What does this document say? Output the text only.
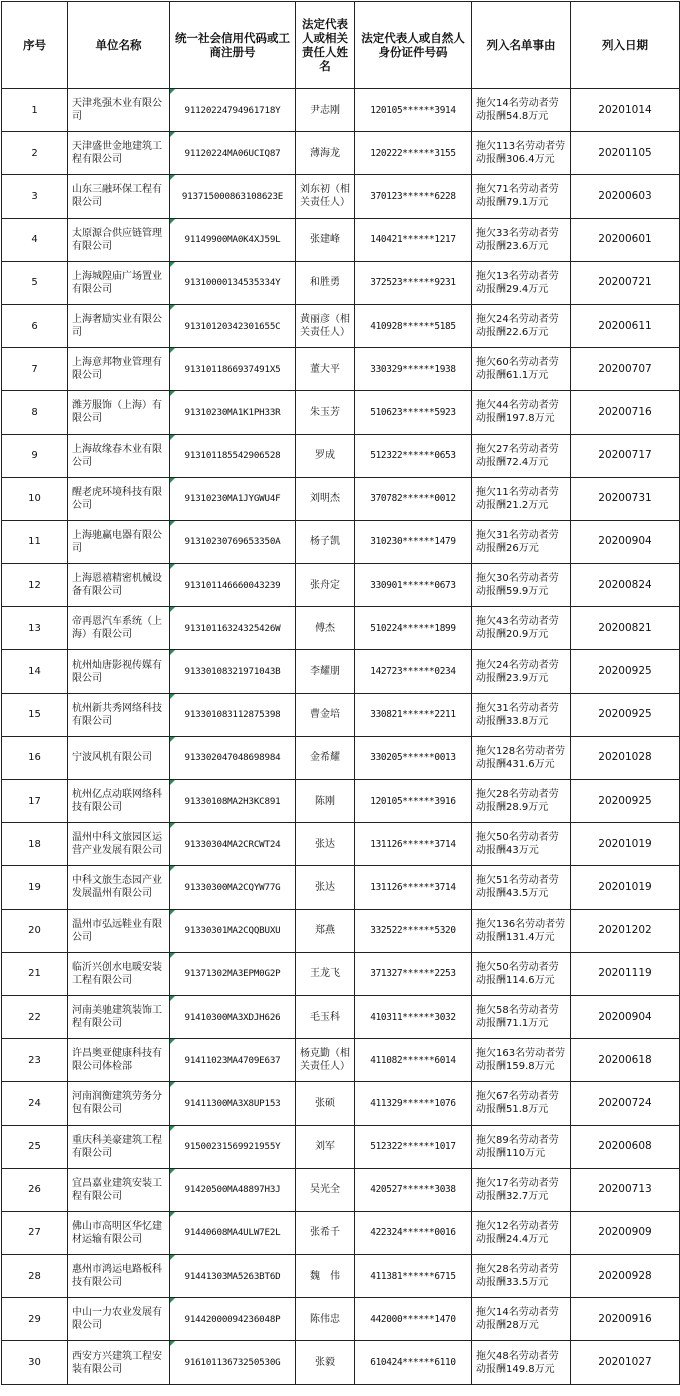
序号	单位名称	统一社会信用代码或工商注册号	法定代表人或相关责任人姓名	法定代表人或自然人身份证件号码	列入名单事由	列入日期
1	天津兆强木业有限公司	91120224794961718Y	尹志刚	120105******3914	拖欠14名劳动者劳动报酬54.8万元	20201014
2	天津盛世金地建筑工程有限公司	91120224MA06UCIQ87	薄海龙	120222******3155	拖欠113名劳动者劳动报酬306.4万元	20201105
3	山东三融环保工程有限公司	913715000863108623E	刘东初（相关责任人）	370123******6228	拖欠71名劳动者劳动报酬79.1万元	20200603
4	太原源合供应链管理有限公司	91149900MA0K4XJ59L	张建峰	140421******1217	拖欠33名劳动者劳动报酬23.6万元	20200601
5	上海城隍庙广场置业有限公司	91310000134535334Y	和胜勇	372523******9231	拖欠13名劳动者劳动报酬29.4万元	20200721
6	上海奢励实业有限公司	91310120342301655C	黄丽彦（相关责任人）	410928******5185	拖欠24名劳动者劳动报酬22.6万元	20200611
7	上海意邦物业管理有限公司	9131011866937491X5	董大平	330329******1938	拖欠60名劳动者劳动报酬61.1万元	20200707
8	潍芳服饰（上海）有限公司	91310230MA1K1PH33R	朱玉芳	510623******5923	拖欠44名劳动者劳动报酬197.8万元	20200716
9	上海故缘春木业有限公司	913101185542906528	罗成	512322******0653	拖欠27名劳动者劳动报酬72.4万元	20200717
10	醒老虎环境科技有限公司	91310230MA1JYGWU4F	刘明杰	370782******0012	拖欠11名劳动者劳动报酬21.2万元	20200731
11	上海驰赢电器有限公司	91310230769653350A	杨子凯	310230******1479	拖欠31名劳动者劳动报酬26万元	20200904
12	上海恩禧精密机械设备有限公司	913101146660043239	张舟定	330901******0673	拖欠30名劳动者劳动报酬59.9万元	20200824
13	帝再恩汽车系统（上海）有限公司	91310116324325426W	傅杰	510224******1899	拖欠43名劳动者劳动报酬20.9万元	20200821
14	杭州灿唐影视传媒有限公司	91330108321971043B	李耀朋	142723******0234	拖欠24名劳动者劳动报酬23.9万元	20200925
15	杭州新共秀网络科技有限公司	913301083112875398	曹金培	330821******2211	拖欠31名劳动者劳动报酬33.8万元	20200925
16	宁波风机有限公司	913302047048698984	金希耀	330205******0013	拖欠128名劳动者劳动报酬431.6万元	20201028
17	杭州亿点动联网络科技有限公司	91330108MA2H3KC891	陈刚	120105******3916	拖欠28名劳动者劳动报酬28.9万元	20200925
18	温州中科文旅园区运营产业发展有限公司	91330304MA2CRCWT24	张达	131126******3714	拖欠50名劳动者劳动报酬43万元	20201019
19	中科文旅生态园产业发展温州有限公司	91330300MA2CQYW77G	张达	131126******3714	拖欠51名劳动者劳动报酬43.5万元	20201019
20	温州市弘远鞋业有限公司	91330301MA2CQQBUXU	郑燕	332522******5320	拖欠136名劳动者劳动报酬131.4万元	20201202
21	临沂兴创水电暖安装工程有限公司	91371302MA3EPM0G2P	王龙飞	371327******2253	拖欠50名劳动者劳动报酬114.6万元	20201119
22	河南美驰建筑装饰工程有限公司	91410300MA3XDJH626	毛玉科	410311******3032	拖欠58名劳动者劳动报酬71.1万元	20200904
23	许昌奥亚健康科技有限公司体检部	91411023MA4709E637	杨克勤（相关责任人）	411082******6014	拖欠163名劳动者劳动报酬159.8万元	20200618
24	河南润衡建筑劳务分包有限公司	91411300MA3X8UP153	张硕	411329******1076	拖欠67名劳动者劳动报酬51.8万元	20200724
25	重庆科美豪建筑工程有限公司	91500231569921955Y	刘军	512322******1017	拖欠89名劳动者劳动报酬110万元	20200608
26	宜昌嘉业建筑安装工程有限公司	91420500MA48897H3J	吴光全	420527******3038	拖欠17名劳动者劳动报酬32.7万元	20200713
27	佛山市高明区华忆建材运输有限公司	91440608MA4ULW7E2L	张希千	422324******0016	拖欠12名劳动者劳动报酬24.4万元	20200909
28	惠州市鸿运电路板科技有限公司	91441303MA5263BT6D	魏　伟	411381******6715	拖欠28名劳动者劳动报酬33.5万元	20200928
29	中山一力农业发展有限公司	91442000094236048P	陈伟忠	442000******1470	拖欠14名劳动者劳动报酬28万元	20200916
30	西安方兴建筑工程安装有限公司	91610113673250530G	张毅	610424******6110	拖欠48名劳动者劳动报酬149.8万元	20201027
